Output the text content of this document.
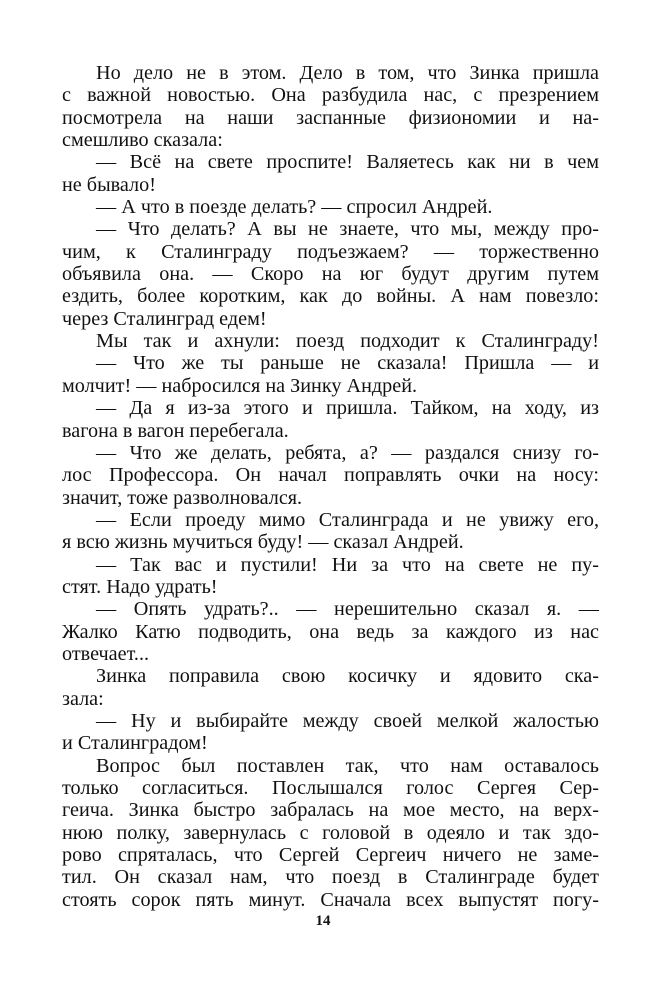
Но дело не в этом. Дело в том, что Зинка пришла
с важной новостью. Она разбудила нас, с презрением
посмотрела на наши заспанные физиономии и на-
смешливо сказала:
— Всё на свете проспите! Валяетесь как ни в чем
не бывало!
— А что в поезде делать? — спросил Андрей.
— Что делать? А вы не знаете, что мы, между про-
чим, к Сталинграду подъезжаем? — торжественно
объявила она. — Скоро на юг будут другим путем
ездить, более коротким, как до войны. А нам повезло:
через Сталинград едем!
Мы так и ахнули: поезд подходит к Сталинграду!
— Что же ты раньше не сказала! Пришла — и
молчит! — набросился на Зинку Андрей.
— Да я из-за этого и пришла. Тайком, на ходу, из
вагона в вагон перебегала.
— Что же делать, ребята, а? — раздался снизу го-
лос Профессора. Он начал поправлять очки на носу:
значит, тоже разволновался.
— Если проеду мимо Сталинграда и не увижу его,
я всю жизнь мучиться буду! — сказал Андрей.
— Так вас и пустили! Ни за что на свете не пу-
стят. Надо удрать!
— Опять удрать?.. — нерешительно сказал я. —
Жалко Катю подводить, она ведь за каждого из нас
отвечает...
Зинка поправила свою косичку и ядовито ска-
зала:
— Ну и выбирайте между своей мелкой жалостью
и Сталинградом!
Вопрос был поставлен так, что нам оставалось
только согласиться. Послышался голос Сергея Сер-
геича. Зинка быстро забралась на мое место, на верх-
нюю полку, завернулась с головой в одеяло и так здо-
рово спряталась, что Сергей Сергеич ничего не заме-
тил. Он сказал нам, что поезд в Сталинграде будет
стоять сорок пять минут. Сначала всех выпустят погу-
14
